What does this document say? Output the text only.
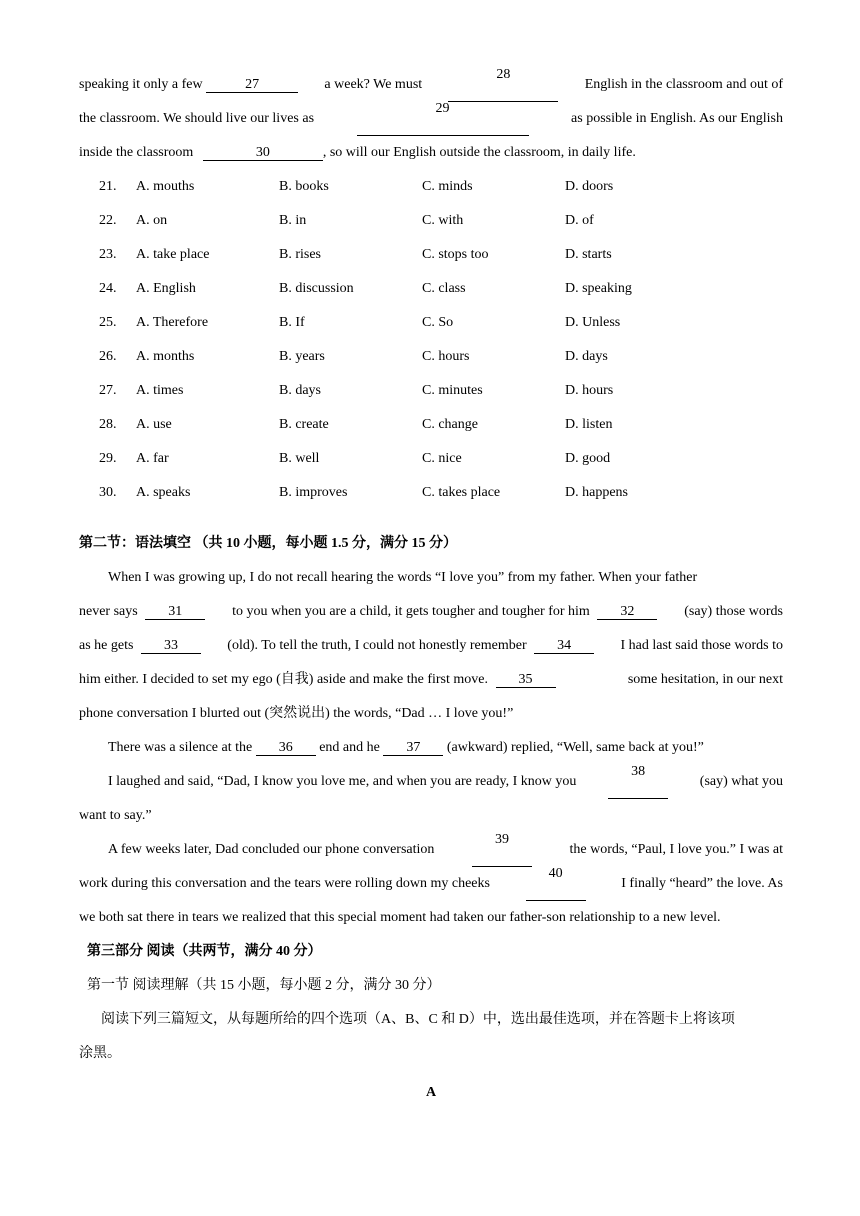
speaking it only a few	27	a week? We must
28
English in the classroom and out of
the classroom. We should live our lives as
29
as possible in English. As our English
inside the classroom	30	, so will our English outside the classroom, in daily life.
21.	A. mouths	B. books	C. minds	D. doors
22.	A. on	B. in	C. with	D. of
23.	A. take place	B. rises	C. stops too	D. starts
24.	A. English	B. discussion	C. class	D. speaking
25.	A. Therefore	B. If	C. So	D. Unless
26.	A. months	B. years	C. hours	D. days
27.	A. times	B. days	C. minutes	D. hours
28.	A. use	B. create	C. change	D. listen
29.	A. far	B. well	C. nice	D. good
30.	A. speaks	B. improves	C. takes place	D. happens
第二节：语法填空 （共 10 小题，每小题 1.5 分，满分 15 分）
When I was growing up, I do not recall hearing the words “I love you” from my father. When your father
never says 31	to you when you are a child, it gets tougher and tougher for him 32	(say) those words
as he gets 33	(old). To tell the truth, I could not honestly remember 34	I had last said those words to
him either. I decided to set my ego (自我) aside and make the first move. 35	some hesitation, in our next
phone conversation I blurted out (突然说出) the words, “Dad … I love you!”
There was a silence at the 36 end and he 37 (awkward) replied, “Well, same back at you!”
I laughed and said, “Dad, I know you love me, and when you are ready, I know you
38
(say) what you
want to say.”
A few weeks later, Dad concluded our phone conversation
39
the words, “Paul, I love you.” I was at
work during this conversation and the tears were rolling down my cheeks
40
I finally “heard” the love. As
we both sat there in tears we realized that this special moment had taken our father-son relationship to a new level.
第三部分 阅读（共两节，满分 40 分）
第一节 阅读理解（共 15 小题，每小题 2 分，满分 30 分）
阅读下列三篇短文，从每题所给的四个选项（A、B、C 和 D）中，选出最佳选项，并在答题卡上将该项
涂黑。
A
